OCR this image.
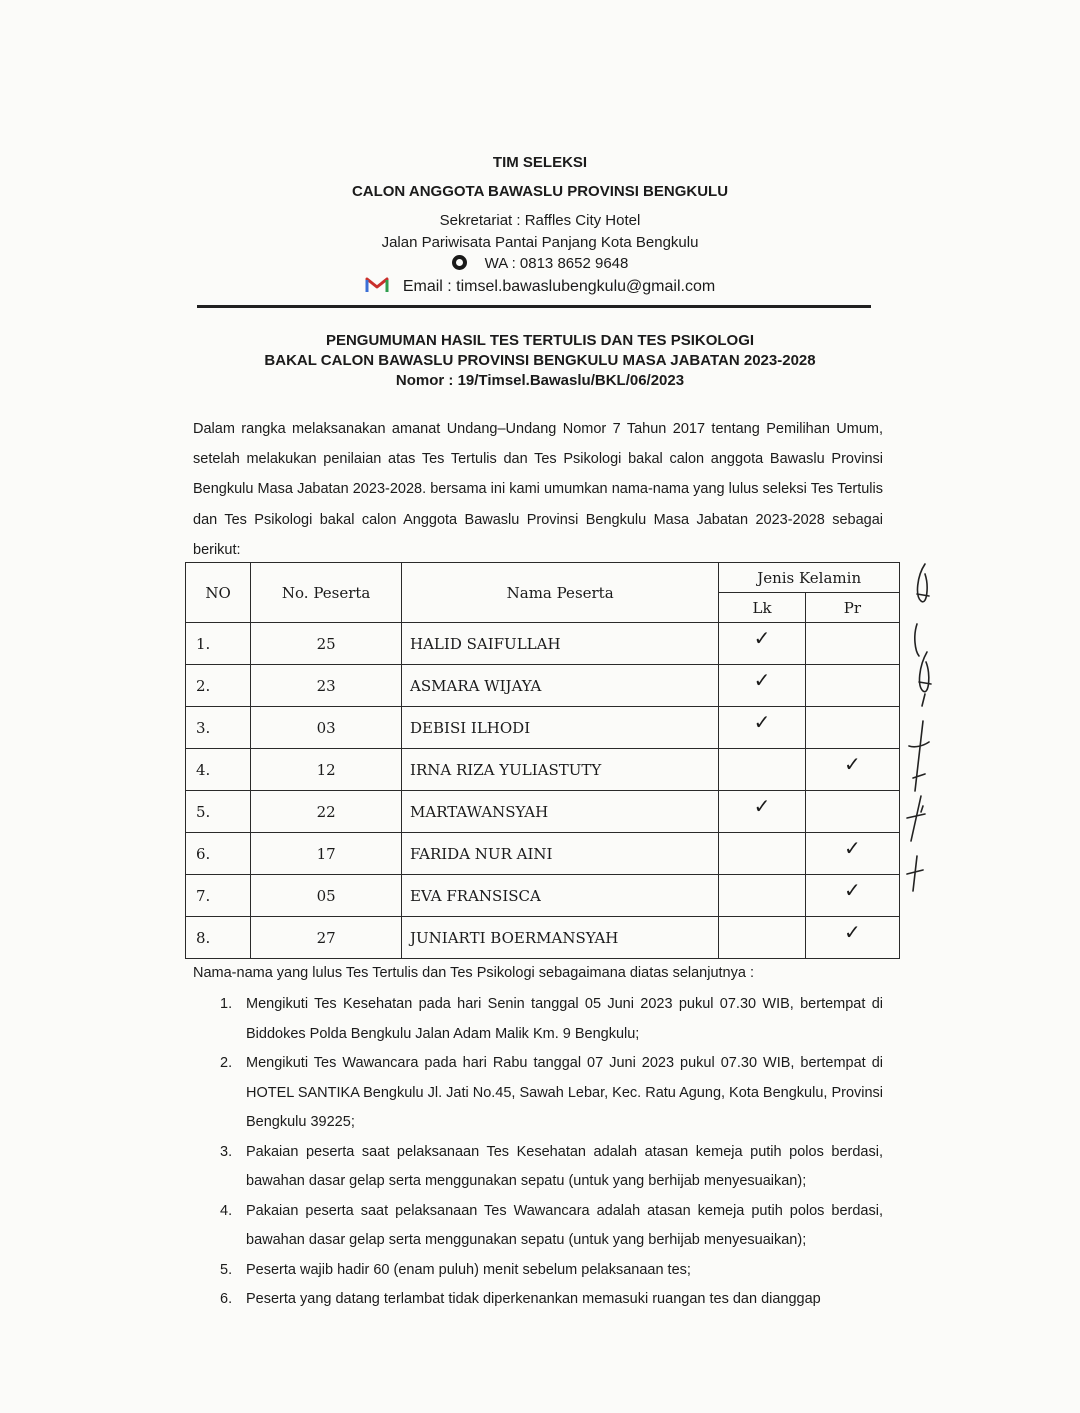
TIM SELEKSI
CALON ANGGOTA BAWASLU PROVINSI BENGKULU
Sekretariat : Raffles City Hotel
Jalan Pariwisata Pantai Panjang Kota Bengkulu
WA : 0813 8652 9648
Email : timsel.bawaslubengkulu@gmail.com
PENGUMUMAN HASIL TES TERTULIS DAN TES PSIKOLOGI
BAKAL CALON BAWASLU PROVINSI BENGKULU MASA JABATAN 2023-2028
Nomor : 19/Timsel.Bawaslu/BKL/06/2023
Dalam rangka melaksanakan amanat Undang–Undang Nomor 7 Tahun 2017 tentang Pemilihan Umum, setelah melakukan penilaian atas Tes Tertulis dan Tes Psikologi bakal calon anggota Bawaslu Provinsi Bengkulu Masa Jabatan 2023-2028. bersama ini kami umumkan nama-nama yang lulus seleksi Tes Tertulis dan Tes Psikologi bakal calon Anggota Bawaslu Provinsi Bengkulu Masa Jabatan 2023-2028 sebagai berikut:
NO	No. Peserta	Nama Peserta	Jenis Kelamin	
			Lk	Pr
1.	25	HALID SAIFULLAH	✓	
2.	23	ASMARA WIJAYA	✓	
3.	03	DEBISI ILHODI	✓	
4.	12	IRNA RIZA YULIASTUTY		✓
5.	22	MARTAWANSYAH	✓	
6.	17	FARIDA NUR AINI		✓
7.	05	EVA FRANSISCA		✓
8.	27	JUNIARTI BOERMANSYAH		✓
Nama-nama yang lulus Tes Tertulis dan Tes Psikologi sebagaimana diatas selanjutnya :
1. Mengikuti Tes Kesehatan pada hari Senin tanggal 05 Juni 2023 pukul 07.30 WIB, bertempat di Biddokes Polda Bengkulu Jalan Adam Malik Km. 9 Bengkulu;
2. Mengikuti Tes Wawancara pada hari Rabu tanggal 07 Juni 2023 pukul 07.30 WIB, bertempat di HOTEL SANTIKA Bengkulu Jl. Jati No.45, Sawah Lebar, Kec. Ratu Agung, Kota Bengkulu, Provinsi Bengkulu 39225;
3. Pakaian peserta saat pelaksanaan Tes Kesehatan adalah atasan kemeja putih polos berdasi, bawahan dasar gelap serta menggunakan sepatu (untuk yang berhijab menyesuaikan);
4. Pakaian peserta saat pelaksanaan Tes Wawancara adalah atasan kemeja putih polos berdasi, bawahan dasar gelap serta menggunakan sepatu (untuk yang berhijab menyesuaikan);
5. Peserta wajib hadir 60 (enam puluh) menit sebelum pelaksanaan tes;
6. Peserta yang datang terlambat tidak diperkenankan memasuki ruangan tes dan dianggap
